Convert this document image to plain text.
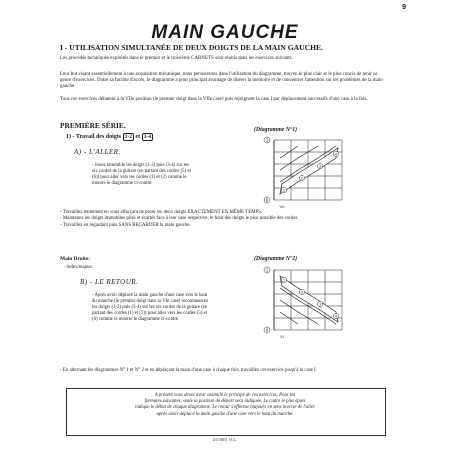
9
MAIN GAUCHE
I - UTILISATION SIMULTANÉE DE DEUX DOIGTS DE LA MAIN GAUCHE.
Les procédés techniques exploités dans le premier et le troisième CARNETS sont réunis dans les exercices suivants.
Leur but visant essentiellement à une acquisition mécanique, nous persisterons dans l'utilisation du diagramme, moyen le plus clair et le plus concis de tenir ce genre d'exercices. Outre sa facilité d'accès, le diagramme a pour principal avantage de libérer la mémoire et de concentrer l'attention sur les problèmes de la main gauche.
Tous ces exercices débutent à la VIIe position (le premier doigt dans la VIIe case) puis rejoignent la case I par déplacement successifs d'une case à la fois.
PREMIÈRE SÉRIE.
1) - Travail des doigts 1-2 et 3-4
A) - L'ALLER.
- Jouez ensemble les doigts (1-2) puis (3-4) sur les six cordes de la guitare (en partant des cordes (5) et (6)) pour aller vers les cordes (1) et (2) comme le montre le diagramme ci-contre.
- Travaillez lentement en vous efforçant de poser les deux doigts EXACTEMENT EN MÊME TEMPS.
- Maintenez les doigts immobiles pliés et écartés face à leur case respective, le bout des doigts le plus possible des cordes.
- Travaillez en regardant puis SANS REGARDER la main gauche.
(Diagramme N°1)
(Diagramme N°2)
1
2
3
4
1
6
VII
Main Droite:
- index/majeur.
B) - LE RETOUR.
- Après avoir déplacé la main gauche d'une case vers le haut du manche (le premier doigt dans la VIe case) recommencez les doigts (1-2) puis (3-4) sur les six cordes de la guitare (en partant des cordes (1) et (2)) pour aller vers les cordes (5) et (6) comme le montre le diagramme ci-contre.
1
2
3
4
1
6
VI
- En alternant les diagrammes N° 1 et N° 2 et en déplaçant la main d'une case à chaque fois, travaillez cet exercice jusqu'à la case I.
A présent vous devez avoir assimilé le principe de ces exercices. Pour les
formules suivantes, seule la position de départ sera indiquée. Le cadre le plus épais
indique le début de chaque diagramme. Le retour s'effectue toujours en sens inverse de l'aller
après avoir déplacé la main gauche d'une case vers le haut du manche.
24 880 H.L.
